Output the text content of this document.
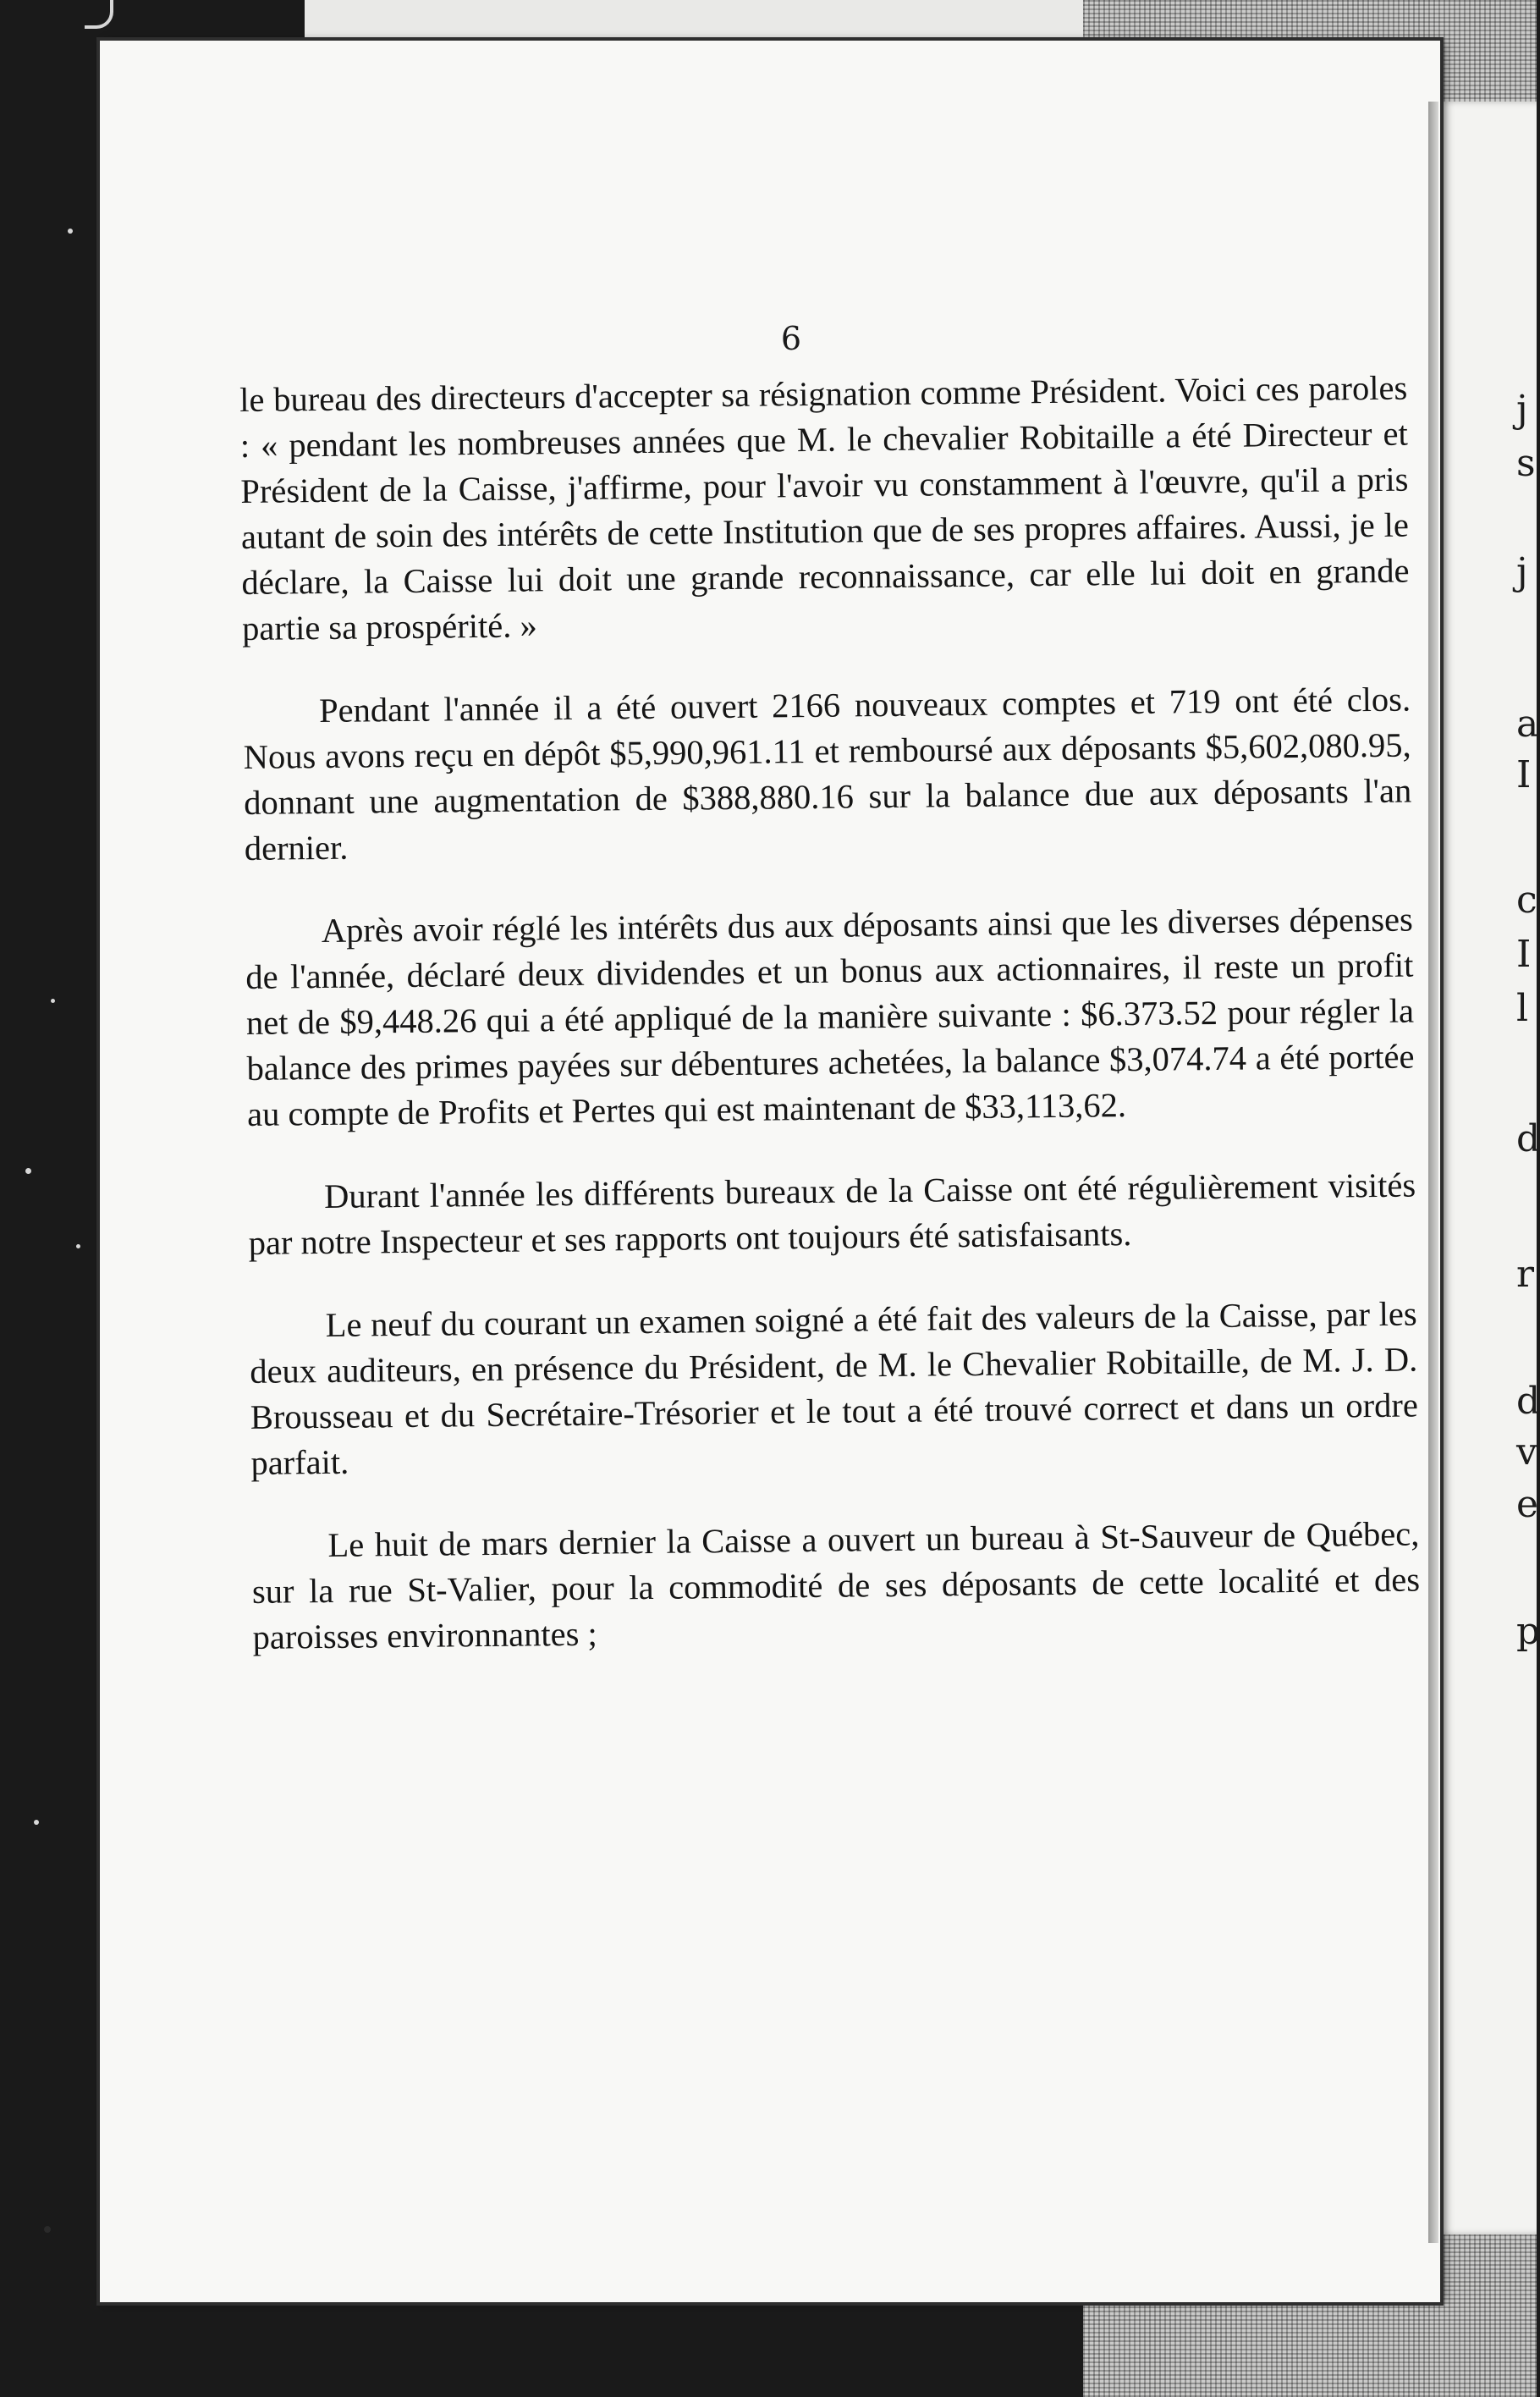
j
s
j
a
I
c
I
l
d
r
d
v
e
p
6

le bureau des directeurs d'accepter sa résignation comme Président. Voici ces paroles : « pendant les nombreuses années que M. le chevalier Robitaille a été Directeur et Président de la Caisse, j'affirme, pour l'avoir vu constamment à l'œuvre, qu'il a pris autant de soin des intérêts de cette Institution que de ses propres affaires. Aussi, je le déclare, la Caisse lui doit une grande reconnaissance, car elle lui doit en grande partie sa prospérité. »

Pendant l'année il a été ouvert 2166 nouveaux comptes et 719 ont été clos. Nous avons reçu en dépôt $5,990,961.11 et remboursé aux déposants $5,602,080.95, donnant une augmentation de $388,880.16 sur la balance due aux déposants l'an dernier.

Après avoir réglé les intérêts dus aux déposants ainsi que les diverses dépenses de l'année, déclaré deux dividendes et un bonus aux actionnaires, il reste un profit net de $9,448.26 qui a été appliqué de la manière suivante : $6.373.52 pour régler la balance des primes payées sur débentures achetées, la balance $3,074.74 a été portée au compte de Profits et Pertes qui est maintenant de $33,113,62.

Durant l'année les différents bureaux de la Caisse ont été régulièrement visités par notre Inspecteur et ses rapports ont toujours été satisfaisants.

Le neuf du courant un examen soigné a été fait des valeurs de la Caisse, par les deux auditeurs, en présence du Président, de M. le Chevalier Robitaille, de M. J. D. Brousseau et du Secrétaire-Trésorier et le tout a été trouvé correct et dans un ordre parfait.

Le huit de mars dernier la Caisse a ouvert un bureau à St-Sauveur de Québec, sur la rue St-Valier, pour la commodité de ses déposants de cette localité et des paroisses environnantes ;
